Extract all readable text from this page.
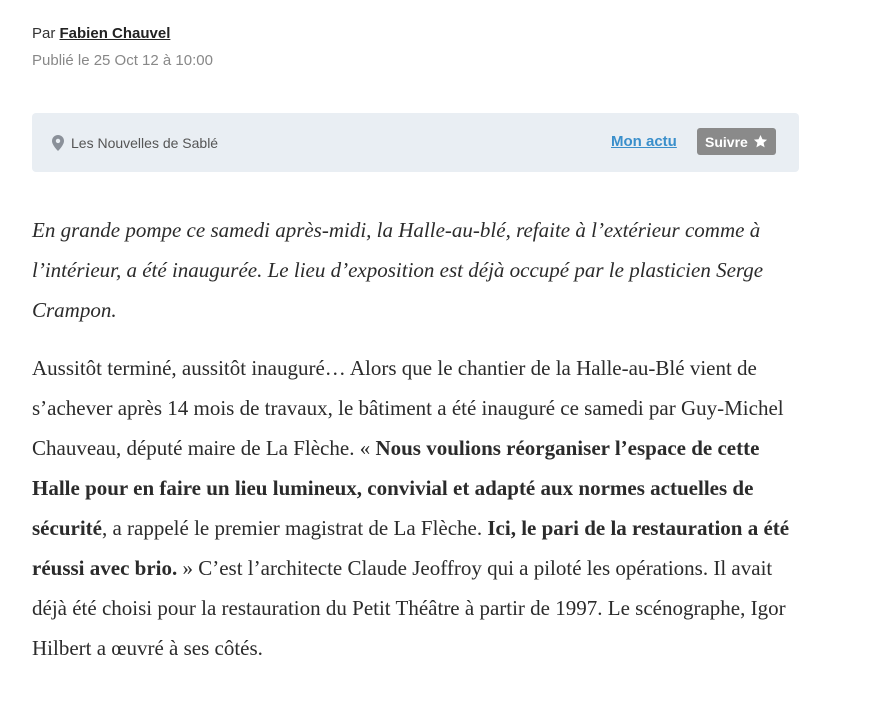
Par Fabien Chauvel
Publié le 25 Oct 12 à 10:00
Les Nouvelles de Sablé	Mon actu Suivre

En grande pompe ce samedi après-midi, la Halle-au-blé, refaite à l’extérieur comme à l’intérieur, a été inaugurée. Le lieu d’exposition est déjà occupé par le plasticien Serge Crampon.

Aussitôt terminé, aussitôt inauguré… Alors que le chantier de la Halle-au-Blé vient de s’achever après 14 mois de travaux, le bâtiment a été inauguré ce samedi par Guy-Michel Chauveau, député maire de La Flèche. « Nous voulions réorganiser l’espace de cette Halle pour en faire un lieu lumineux, convivial et adapté aux normes actuelles de sécurité, a rappelé le premier magistrat de La Flèche. Ici, le pari de la restauration a été réussi avec brio. » C’est l’architecte Claude Jeoffroy qui a piloté les opérations. Il avait déjà été choisi pour la restauration du Petit Théâtre à partir de 1997. Le scénographe, Igor Hilbert a œuvré à ses côtés.
